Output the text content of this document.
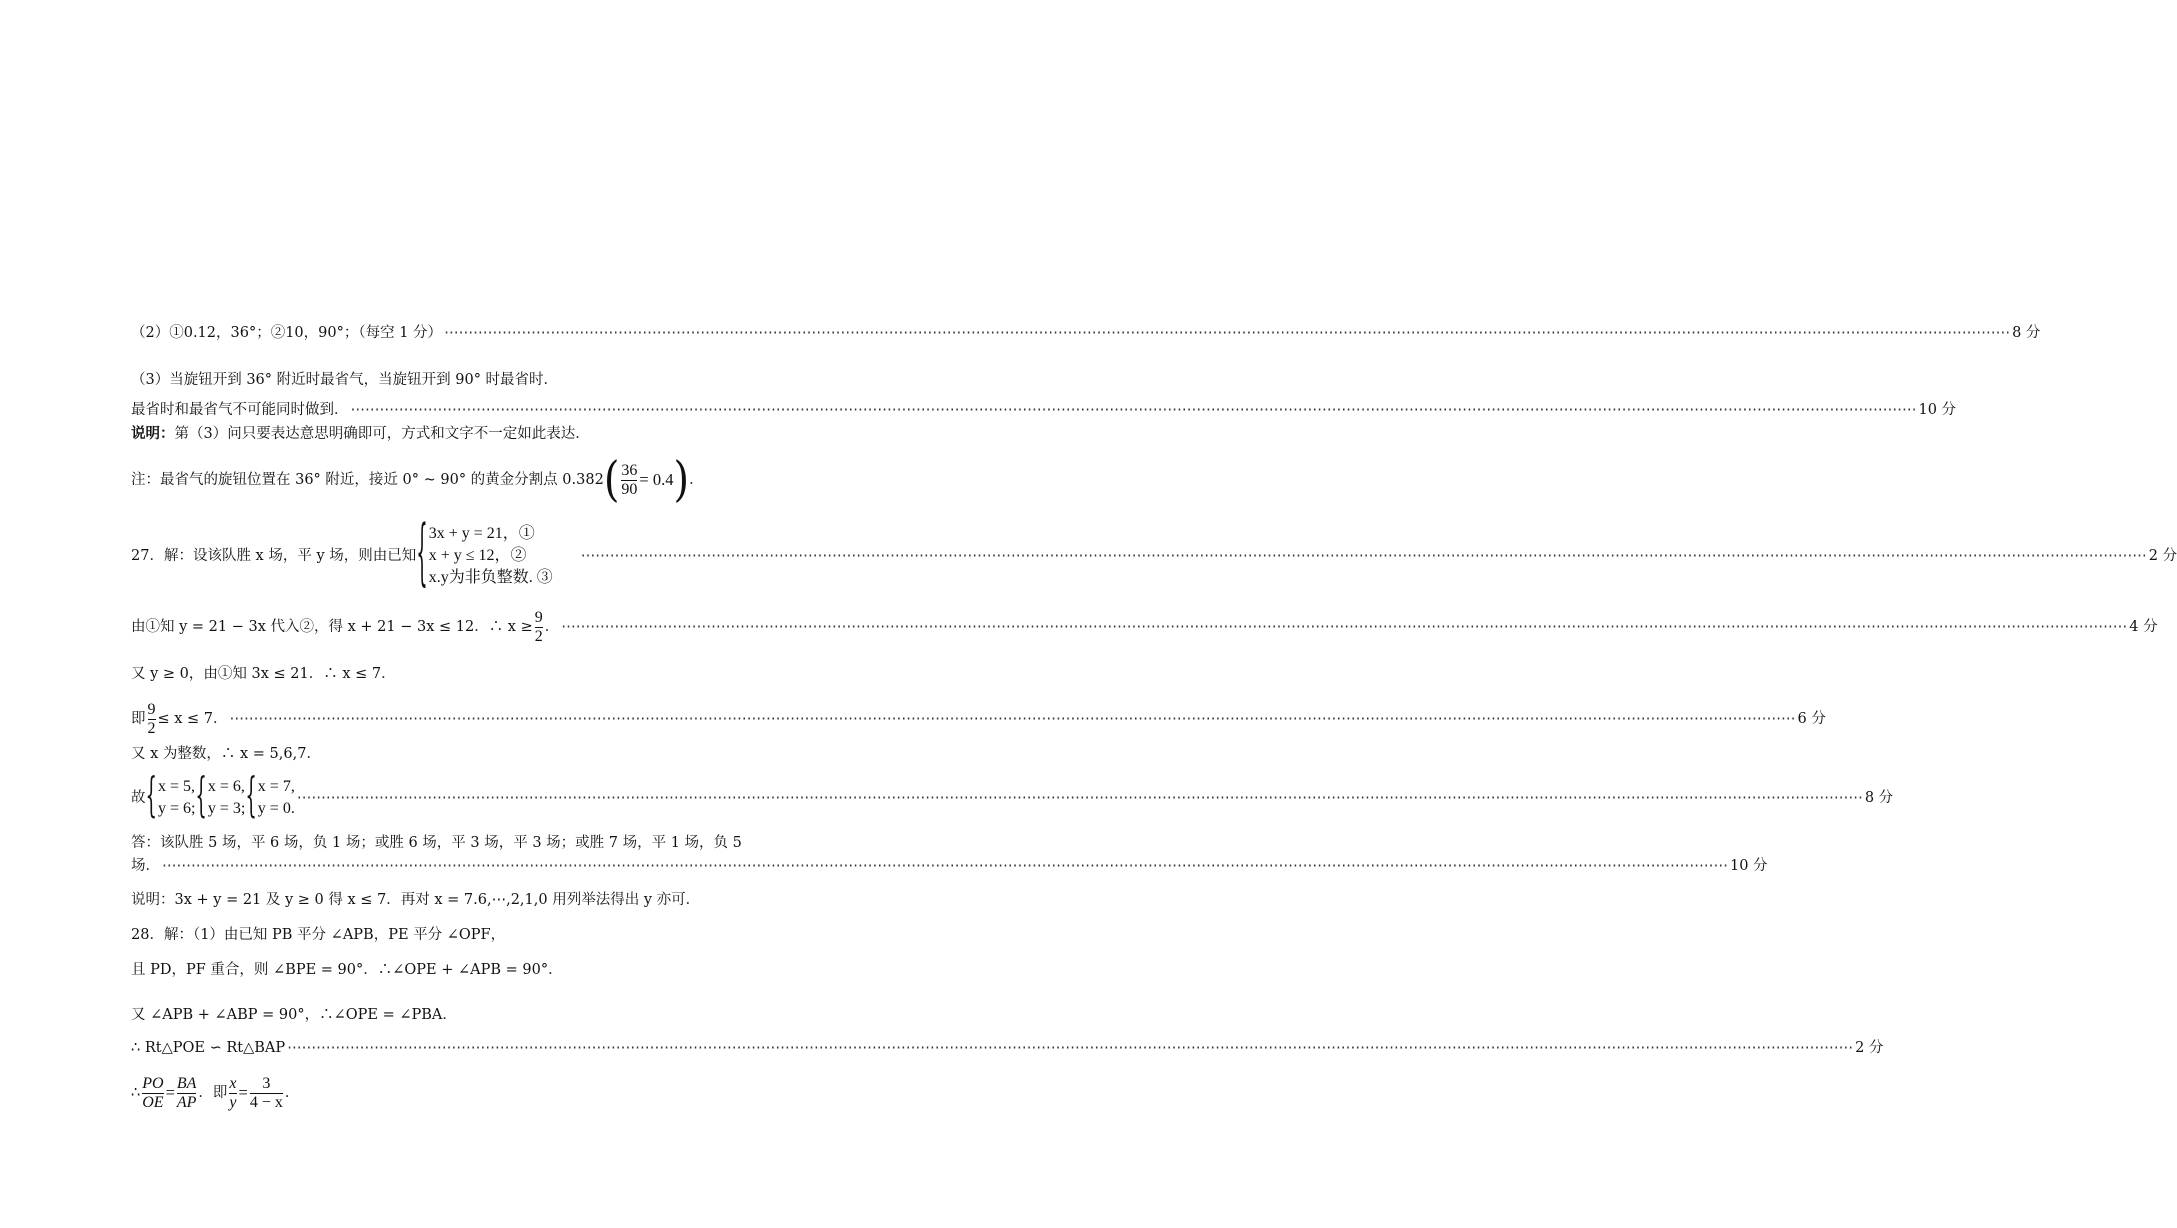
（2）①0.12，36°；②10，90°；（每空 1 分） ⋯⋯⋯⋯⋯⋯⋯⋯⋯⋯⋯⋯⋯⋯⋯⋯⋯⋯⋯⋯⋯⋯⋯⋯⋯⋯⋯⋯⋯⋯⋯⋯⋯⋯⋯⋯⋯⋯⋯⋯⋯⋯⋯⋯⋯⋯⋯⋯⋯⋯⋯⋯⋯⋯⋯⋯⋯⋯⋯⋯⋯⋯⋯⋯⋯⋯⋯⋯⋯⋯⋯⋯⋯⋯⋯⋯⋯⋯⋯⋯⋯⋯⋯⋯⋯⋯⋯⋯⋯⋯⋯⋯⋯⋯⋯⋯⋯⋯⋯⋯⋯⋯⋯⋯⋯⋯⋯⋯ 8 分
（3）当旋钮开到 36° 附近时最省气，当旋钮开到 90° 时最省时．
最省时和最省气不可能同时做到． ⋯⋯⋯⋯⋯⋯⋯⋯⋯⋯⋯⋯⋯⋯⋯⋯⋯⋯⋯⋯⋯⋯⋯⋯⋯⋯⋯⋯⋯⋯⋯⋯⋯⋯⋯⋯⋯⋯⋯⋯⋯⋯⋯⋯⋯⋯⋯⋯⋯⋯⋯⋯⋯⋯⋯⋯⋯⋯⋯⋯⋯⋯⋯⋯⋯⋯⋯⋯⋯⋯⋯⋯⋯⋯⋯⋯⋯⋯⋯⋯⋯⋯⋯⋯⋯⋯⋯⋯⋯⋯⋯⋯⋯⋯⋯⋯⋯⋯⋯⋯⋯⋯⋯⋯⋯⋯⋯⋯ 10 分
说明：第（3）问只要表达意思明确即可，方式和文字不一定如此表达．
注：最省气的旋钮位置在 36° 附近，接近 0° ~ 90° 的黄金分割点 0.382 ( $\frac{36}{90} = 0.4$ ) ．
27．解：设该队胜 x 场，平 y 场，则由已知 { 3x + y = 21，①
x + y ≤ 12，②
x.y为非负整数. ③
⋯⋯⋯⋯⋯⋯⋯⋯⋯⋯⋯⋯⋯⋯⋯⋯⋯⋯⋯⋯⋯⋯⋯⋯⋯⋯⋯⋯⋯⋯⋯⋯⋯⋯⋯⋯⋯⋯⋯⋯⋯⋯⋯⋯⋯⋯⋯⋯⋯⋯⋯⋯⋯⋯⋯⋯⋯⋯⋯⋯⋯⋯⋯⋯⋯⋯⋯⋯⋯⋯⋯⋯⋯⋯⋯⋯⋯⋯⋯⋯⋯⋯⋯⋯⋯⋯⋯⋯⋯⋯⋯⋯⋯⋯⋯⋯⋯⋯⋯⋯⋯⋯⋯⋯⋯⋯⋯⋯ 2 分
由①知 y = 21 − 3x 代入②，得 x + 21 − 3x ≤ 12．∴ $x \ge \frac{9}{2}$ ． ⋯⋯⋯⋯⋯⋯⋯⋯⋯⋯⋯⋯⋯⋯⋯⋯⋯⋯⋯⋯⋯⋯⋯⋯⋯⋯⋯⋯⋯⋯⋯⋯⋯⋯⋯⋯⋯⋯⋯⋯⋯⋯⋯⋯⋯⋯⋯⋯⋯⋯⋯⋯⋯⋯⋯⋯⋯⋯⋯⋯⋯⋯⋯⋯⋯⋯⋯⋯⋯⋯⋯⋯⋯⋯⋯⋯⋯⋯⋯⋯⋯⋯⋯⋯⋯⋯⋯⋯⋯⋯⋯⋯⋯⋯⋯⋯⋯⋯⋯⋯⋯⋯⋯⋯⋯⋯⋯⋯ 4 分
又 y ≥ 0，由①知 3x ≤ 21．∴ x ≤ 7．
即 $\frac{9}{2} \le x \le 7$． ⋯⋯⋯⋯⋯⋯⋯⋯⋯⋯⋯⋯⋯⋯⋯⋯⋯⋯⋯⋯⋯⋯⋯⋯⋯⋯⋯⋯⋯⋯⋯⋯⋯⋯⋯⋯⋯⋯⋯⋯⋯⋯⋯⋯⋯⋯⋯⋯⋯⋯⋯⋯⋯⋯⋯⋯⋯⋯⋯⋯⋯⋯⋯⋯⋯⋯⋯⋯⋯⋯⋯⋯⋯⋯⋯⋯⋯⋯⋯⋯⋯⋯⋯⋯⋯⋯⋯⋯⋯⋯⋯⋯⋯⋯⋯⋯⋯⋯⋯⋯⋯⋯⋯⋯⋯⋯⋯⋯ 6 分
又 x 为整数，∴ x = 5,6,7．
故 { x = 5,
y = 6; { x = 6,
y = 3; { x = 7,
y = 0.
⋯⋯⋯⋯⋯⋯⋯⋯⋯⋯⋯⋯⋯⋯⋯⋯⋯⋯⋯⋯⋯⋯⋯⋯⋯⋯⋯⋯⋯⋯⋯⋯⋯⋯⋯⋯⋯⋯⋯⋯⋯⋯⋯⋯⋯⋯⋯⋯⋯⋯⋯⋯⋯⋯⋯⋯⋯⋯⋯⋯⋯⋯⋯⋯⋯⋯⋯⋯⋯⋯⋯⋯⋯⋯⋯⋯⋯⋯⋯⋯⋯⋯⋯⋯⋯⋯⋯⋯⋯⋯⋯⋯⋯⋯⋯⋯⋯⋯⋯⋯⋯⋯⋯⋯⋯⋯⋯⋯ 8 分
答：该队胜 5 场，平 6 场，负 1 场；或胜 6 场，平 3 场，平 3 场；或胜 7 场，平 1 场，负 5
场． ⋯⋯⋯⋯⋯⋯⋯⋯⋯⋯⋯⋯⋯⋯⋯⋯⋯⋯⋯⋯⋯⋯⋯⋯⋯⋯⋯⋯⋯⋯⋯⋯⋯⋯⋯⋯⋯⋯⋯⋯⋯⋯⋯⋯⋯⋯⋯⋯⋯⋯⋯⋯⋯⋯⋯⋯⋯⋯⋯⋯⋯⋯⋯⋯⋯⋯⋯⋯⋯⋯⋯⋯⋯⋯⋯⋯⋯⋯⋯⋯⋯⋯⋯⋯⋯⋯⋯⋯⋯⋯⋯⋯⋯⋯⋯⋯⋯⋯⋯⋯⋯⋯⋯⋯⋯⋯⋯⋯ 10 分
说明：3x + y = 21 及 y ≥ 0 得 x ≤ 7．再对 x = 7.6,⋯,2,1,0 用列举法得出 y 亦可．
28．解：（1）由已知 PB 平分 ∠APB，PE 平分 ∠OPF，
且 PD，PF 重合，则 ∠BPE = 90°．∴∠OPE + ∠APB = 90°．
又 ∠APB + ∠ABP = 90°，∴∠OPE = ∠PBA．
∴ Rt△POE ∽ Rt△BAP ⋯⋯⋯⋯⋯⋯⋯⋯⋯⋯⋯⋯⋯⋯⋯⋯⋯⋯⋯⋯⋯⋯⋯⋯⋯⋯⋯⋯⋯⋯⋯⋯⋯⋯⋯⋯⋯⋯⋯⋯⋯⋯⋯⋯⋯⋯⋯⋯⋯⋯⋯⋯⋯⋯⋯⋯⋯⋯⋯⋯⋯⋯⋯⋯⋯⋯⋯⋯⋯⋯⋯⋯⋯⋯⋯⋯⋯⋯⋯⋯⋯⋯⋯⋯⋯⋯⋯⋯⋯⋯⋯⋯⋯⋯⋯⋯⋯⋯⋯⋯⋯⋯⋯⋯⋯⋯⋯⋯ 2 分
∴ $\frac{PO}{OE} = \frac{BA}{AP}$ ．即 $\frac{x}{y} = \frac{3}{4 - x}$ ．
